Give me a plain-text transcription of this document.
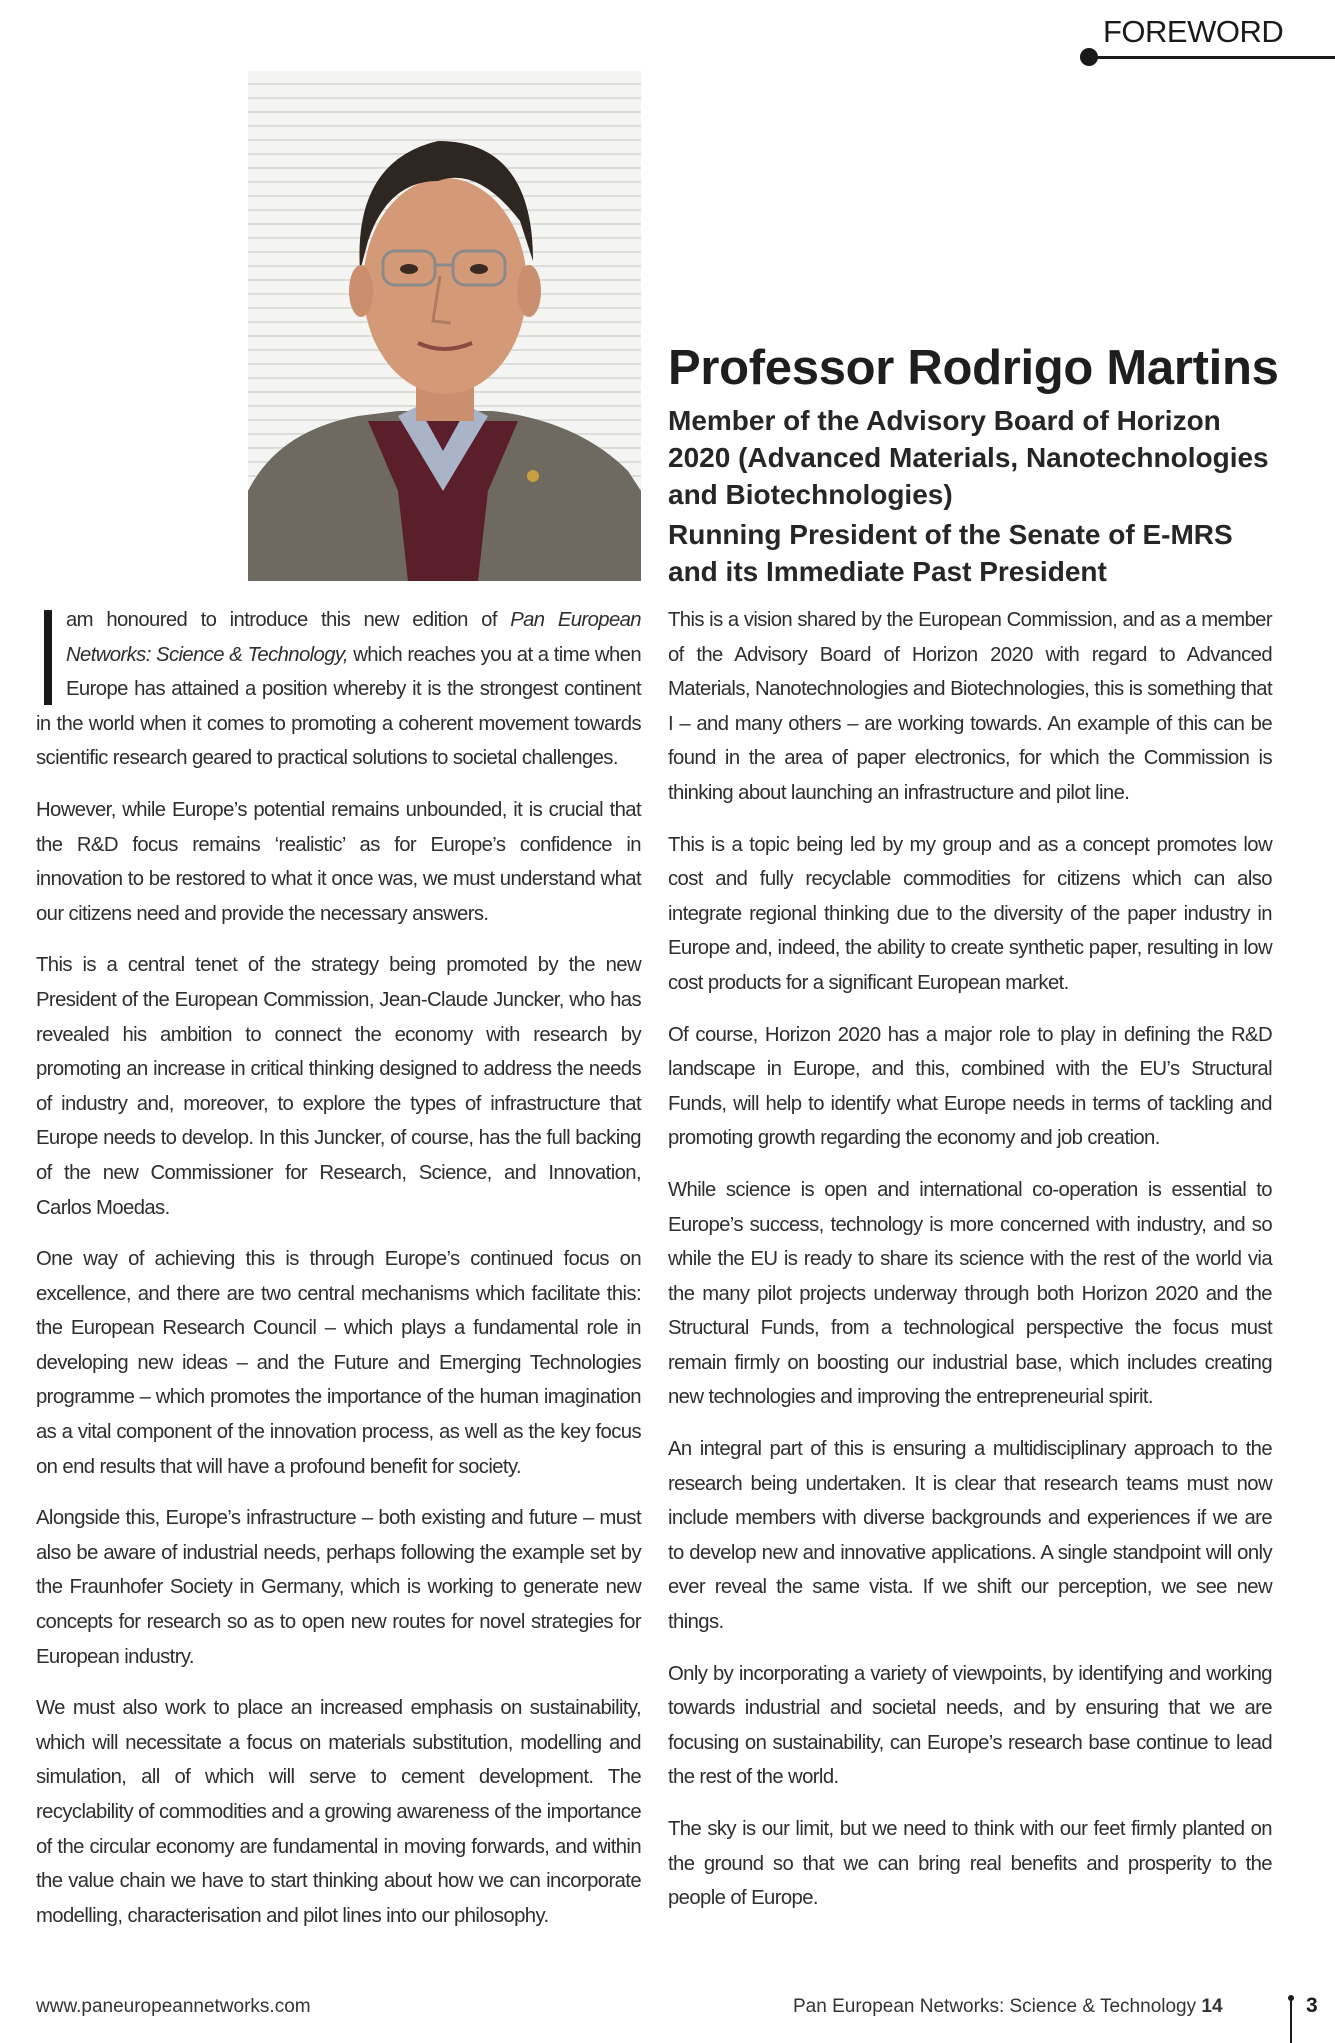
FOREWORD
Professor Rodrigo Martins

Member of the Advisory Board of Horizon 2020 (Advanced Materials, Nanotechnologies and Biotechnologies)

Running President of the Senate of E-MRS and its Immediate Past President

am honoured to introduce this new edition of Pan European Networks: Science & Technology, which reaches you at a time when Europe has attained a position whereby it is the strongest continent in the world when it comes to promoting a coherent movement towards scientific research geared to practical solutions to societal challenges.

However, while Europe’s potential remains unbounded, it is crucial that the R&D focus remains ‘realistic’ as for Europe’s confidence in innovation to be restored to what it once was, we must understand what our citizens need and provide the necessary answers.

This is a central tenet of the strategy being promoted by the new President of the European Commission, Jean-Claude Juncker, who has revealed his ambition to connect the economy with research by promoting an increase in critical thinking designed to address the needs of industry and, moreover, to explore the types of infrastructure that Europe needs to develop. In this Juncker, of course, has the full backing of the new Commissioner for Research, Science, and Innovation, Carlos Moedas.

One way of achieving this is through Europe’s continued focus on excellence, and there are two central mechanisms which facilitate this: the European Research Council – which plays a fundamental role in developing new ideas – and the Future and Emerging Technologies programme – which promotes the importance of the human imagination as a vital component of the innovation process, as well as the key focus on end results that will have a profound benefit for society.

Alongside this, Europe’s infrastructure – both existing and future – must also be aware of industrial needs, perhaps following the example set by the Fraunhofer Society in Germany, which is working to generate new concepts for research so as to open new routes for novel strategies for European industry.

We must also work to place an increased emphasis on sustainability, which will necessitate a focus on materials substitution, modelling and simulation, all of which will serve to cement development. The recyclability of commodities and a growing awareness of the importance of the circular economy are fundamental in moving forwards, and within the value chain we have to start thinking about how we can incorporate modelling, characterisation and pilot lines into our philosophy.

This is a vision shared by the European Commission, and as a member of the Advisory Board of Horizon 2020 with regard to Advanced Materials, Nanotechnologies and Biotechnologies, this is something that I – and many others – are working towards. An example of this can be found in the area of paper electronics, for which the Commission is thinking about launching an infrastructure and pilot line.

This is a topic being led by my group and as a concept promotes low cost and fully recyclable commodities for citizens which can also integrate regional thinking due to the diversity of the paper industry in Europe and, indeed, the ability to create synthetic paper, resulting in low cost products for a significant European market.

Of course, Horizon 2020 has a major role to play in defining the R&D landscape in Europe, and this, combined with the EU’s Structural Funds, will help to identify what Europe needs in terms of tackling and promoting growth regarding the economy and job creation.

While science is open and international co-operation is essential to Europe’s success, technology is more concerned with industry, and so while the EU is ready to share its science with the rest of the world via the many pilot projects underway through both Horizon 2020 and the Structural Funds, from a technological perspective the focus must remain firmly on boosting our industrial base, which includes creating new technologies and improving the entrepreneurial spirit.

An integral part of this is ensuring a multidisciplinary approach to the research being undertaken. It is clear that research teams must now include members with diverse backgrounds and experiences if we are to develop new and innovative applications. A single standpoint will only ever reveal the same vista. If we shift our perception, we see new things.

Only by incorporating a variety of viewpoints, by identifying and working towards industrial and societal needs, and by ensuring that we are focusing on sustainability, can Europe’s research base continue to lead the rest of the world.

The sky is our limit, but we need to think with our feet firmly planted on the ground so that we can bring real benefits and prosperity to the people of Europe.

www.paneuropeannetworks.com	Pan European Networks: Science & Technology 14	3
